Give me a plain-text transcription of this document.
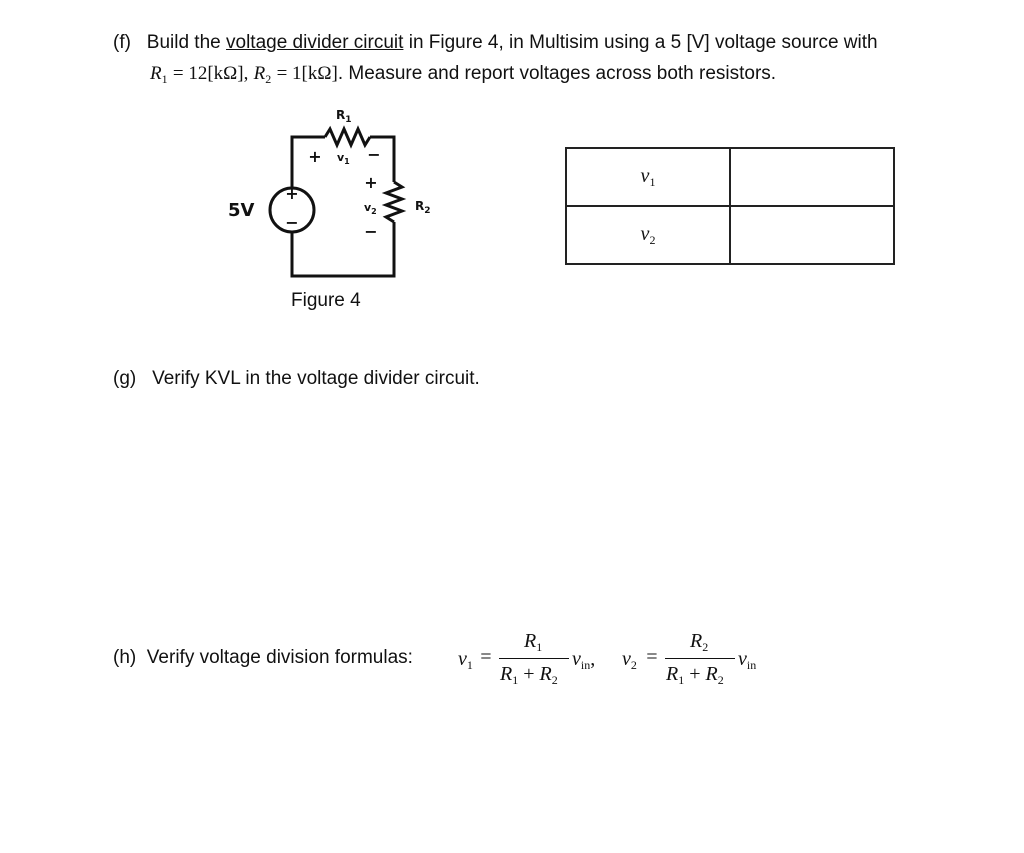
(f) Build the voltage divider circuit in Figure 4, in Multisim using a 5 [V] voltage source with
$R_1 = 12[k\Omega]$, $R_2 = 1[k\Omega]$. Measure and report voltages across both resistors.
+
−
5V
$R_1$
+ $v_1$ −
+
$v_2$
−
$R_2$
Figure 4
$v_1$	
$v_2$	
(g) Verify KVL in the voltage divider circuit.
(h) Verify voltage division formulas: $v_1$ =
$R_1$
$R_1 + R_2$
$v_{in}$, $v_2$ =
$R_2$
$R_1 + R_2$
$v_{in}$
